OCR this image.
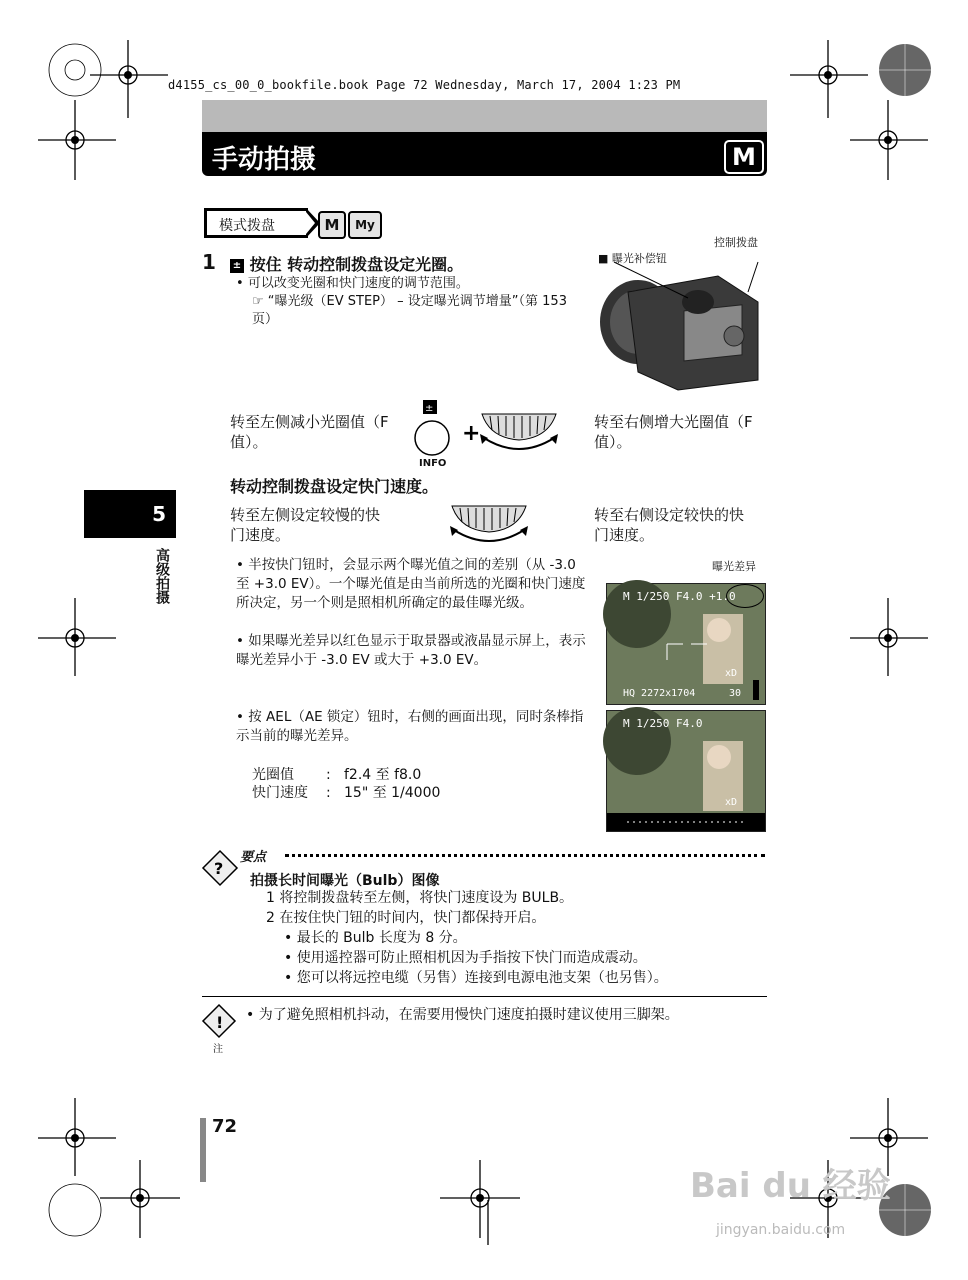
d4155_cs_00_0_bookfile.book Page 72 Wednesday, March 17, 2004 1:23 PM
手动拍摄	M
模式拨盘	M	My
1 ± 按住 转动控制拨盘设定光圈。
• 可以改变光圈和快门速度的调节范围。
☞ “曝光级（EV STEP） – 设定曝光调节增量”（第 153 页）
■ 曝光补偿钮
控制拨盘
转至左侧减小光圈值（F 值）。
±
+
INFO
转至右侧增大光圈值（F 值）。
转动控制拨盘设定快门速度。
转至左侧设定较慢的快门速度。
转至右侧设定较快的快门速度。
5
高级拍摄	• 半按快门钮时，会显示两个曝光值之间的差别（从 -3.0 至 +3.0 EV）。一个曝光值是由当前所选的光圈和快门速度所决定，另一个则是照相机所确定的最佳曝光级。
• 如果曝光差异以红色显示于取景器或液晶显示屏上，表示曝光差异小于 -3.0 EV 或大于 +3.0 EV。
• 按 AEL（AE 锁定）钮时，右侧的画面出现，同时条棒指示当前的曝光差异。
曝光差异
M 1/250 F4.0 +1.0
xD
HQ 2272x1704	30
M 1/250 F4.0
xD
光圈值 : f2.4 至 f8.0
快门速度 : 15" 至 1/4000
?
要点
拍摄长时间曝光（Bulb）图像
1 将控制拨盘转至左侧，将快门速度设为 BULB。
2 在按住快门钮的时间内，快门都保持开启。
• 最长的 Bulb 长度为 8 分。
• 使用遥控器可防止照相机因为手指按下快门而造成震动。
• 您可以将远控电缆（另售）连接到电源电池支架（也另售）。
!
注
• 为了避免照相机抖动，在需要用慢快门速度拍摄时建议使用三脚架。
72
Bai du 经验
jingyan.baidu.com
